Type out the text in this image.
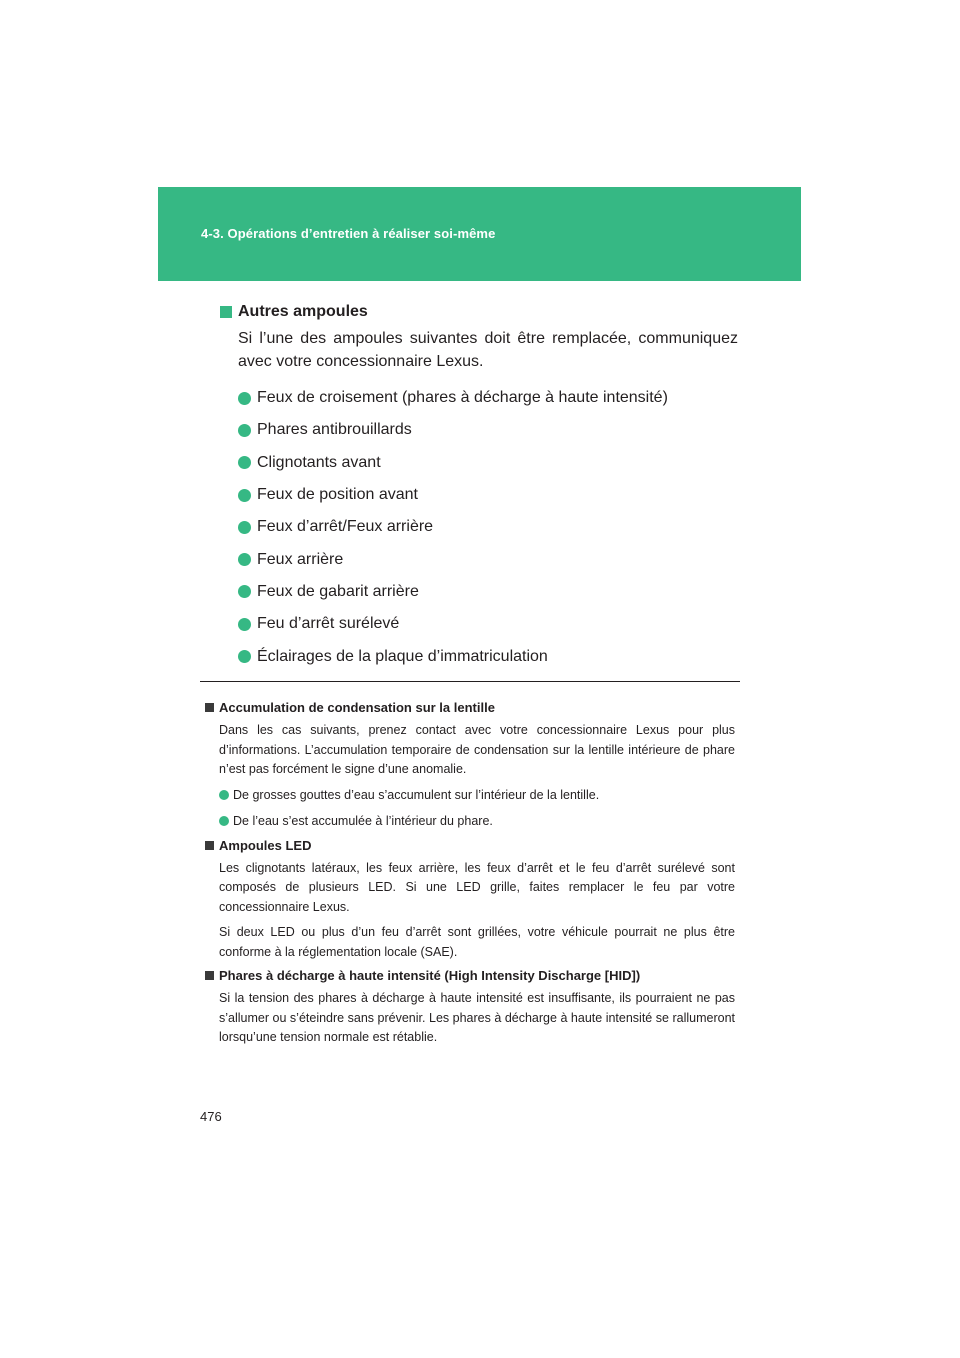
4-3. Opérations d’entretien à réaliser soi-même
Autres ampoules
Si l’une des ampoules suivantes doit être remplacée, communiquez avec votre concessionnaire Lexus.
Feux de croisement (phares à décharge à haute intensité)
Phares antibrouillards
Clignotants avant
Feux de position avant
Feux d’arrêt/Feux arrière
Feux arrière
Feux de gabarit arrière
Feu d’arrêt surélevé
Éclairages de la plaque d’immatriculation
Accumulation de condensation sur la lentille
Dans les cas suivants, prenez contact avec votre concessionnaire Lexus pour plus d’informations. L’accumulation temporaire de condensation sur la lentille intérieure de phare n’est pas forcément le signe d’une anomalie.
De grosses gouttes d’eau s’accumulent sur l’intérieur de la lentille.
De l’eau s’est accumulée à l’intérieur du phare.
Ampoules LED
Les clignotants latéraux, les feux arrière, les feux d’arrêt et le feu d’arrêt surélevé sont composés de plusieurs LED. Si une LED grille, faites remplacer le feu par votre concessionnaire Lexus.
Si deux LED ou plus d’un feu d’arrêt sont grillées, votre véhicule pourrait ne plus être conforme à la réglementation locale (SAE).
Phares à décharge à haute intensité (High Intensity Discharge [HID])
Si la tension des phares à décharge à haute intensité est insuffisante, ils pourraient ne pas s’allumer ou s’éteindre sans prévenir. Les phares à décharge à haute intensité se rallumeront lorsqu’une tension normale est rétablie.
476
